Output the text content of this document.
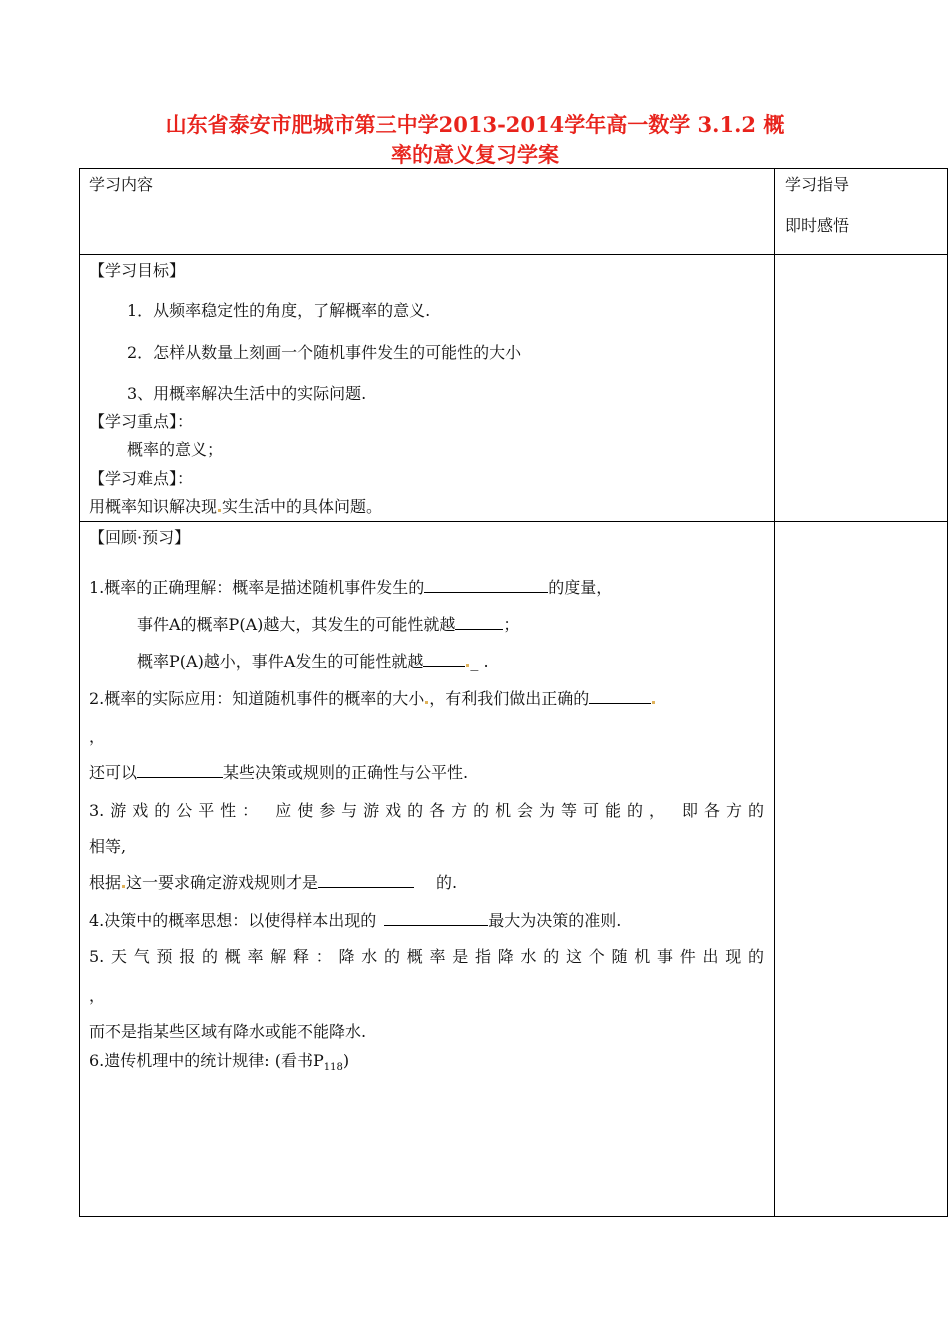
山东省泰安市肥城市第三中学2013-2014学年高一数学 3.1.2 概
率的意义复习学案
学习内容	学习指导
即时感悟
【学习目标】
1．从频率稳定性的角度，了解概率的意义.
2．怎样从数量上刻画一个随机事件发生的可能性的大小
3、用概率解决生活中的实际问题.
【学习重点】：
概率的意义；
【学习难点】：
用概率知识解决现 实生活中的具体问题。
【回顾·预习】
1.概率的正确理解：概率是描述随机事件发生的	的度量，
事件A的概率P(A)越大，其发生的可能性就越	；
概率P(A)越小，事件A发生的可能性就越	_ .
2.概率的实际应用：知道随机事件的概率的大小 ，有利我们做出正确的
，
还可以	某些决策或规则的正确性与公平性.
3.游戏的公平性： 应使参与游戏的各方的机会为等可能的， 即各方的
相等,
根据 这一要求确定游戏规则才是	的.
4.决策中的概率思想：以使得样本出现的	最大为决策的准则.
5.天气预报的概率解释：降水的概率是指降水的这个随机事件出现的
，
而不是指某些区域有降水或能不能降水.
6.遗传机理中的统计规律: (看书$P_{118}$)
